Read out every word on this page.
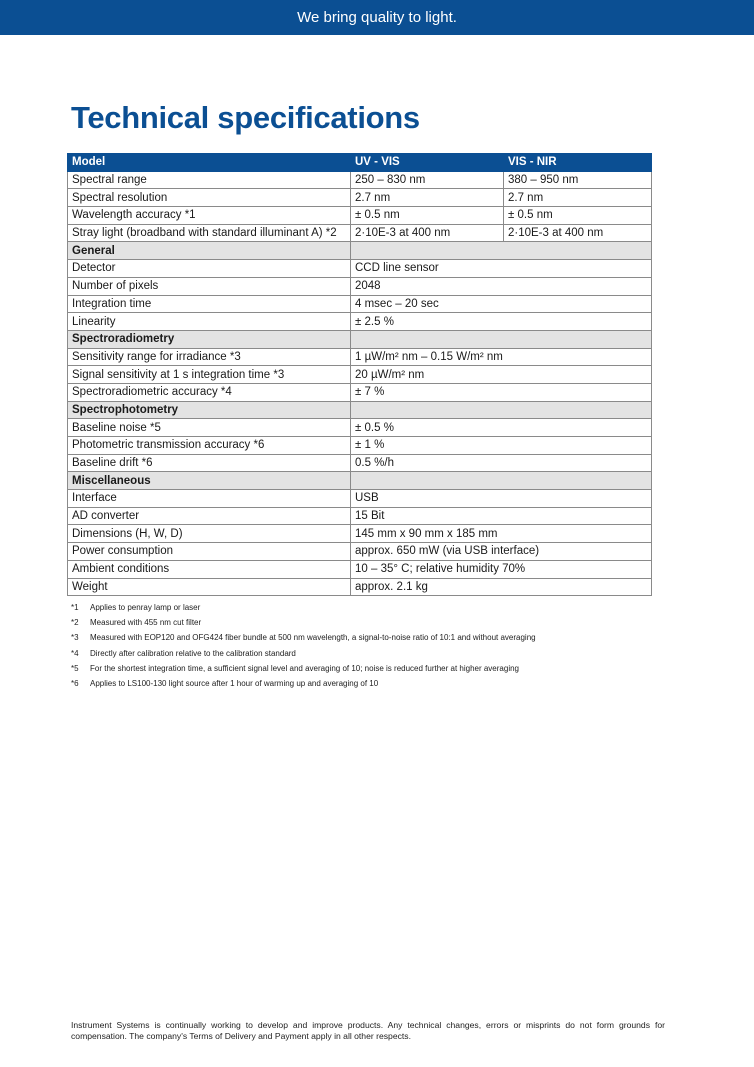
We bring quality to light.
Technical specifications
Model	UV - VIS	VIS - NIR
Spectral range	250 – 830 nm	380 – 950 nm
Spectral resolution	2.7 nm	2.7 nm
Wavelength accuracy *1	± 0.5 nm	± 0.5 nm
Stray light (broadband with standard illuminant A) *2	2·10E-3 at 400 nm	2·10E-3 at 400 nm
General		
Detector	CCD line sensor	
Number of pixels	2048	
Integration time	4 msec – 20 sec	
Linearity	± 2.5 %	
Spectroradiometry		
Sensitivity range for irradiance *3	1 µW/m² nm – 0.15 W/m² nm	
Signal sensitivity at 1 s integration time *3	20 µW/m² nm	
Spectroradiometric accuracy *4	± 7 %	
Spectrophotometry		
Baseline noise *5	± 0.5 %	
Photometric transmission accuracy *6	± 1 %	
Baseline drift *6	0.5 %/h	
Miscellaneous		
Interface	USB	
AD converter	15 Bit	
Dimensions (H, W, D)	145 mm x 90 mm x 185 mm	
Power consumption	approx. 650 mW (via USB interface)	
Ambient conditions	10 – 35° C; relative humidity 70%	
Weight	approx. 2.1 kg	
*1 Applies to penray lamp or laser
*2 Measured with 455 nm cut filter
*3 Measured with EOP120 and OFG424 fiber bundle at 500 nm wavelength, a signal-to-noise ratio of 10:1 and without averaging
*4 Directly after calibration relative to the calibration standard
*5 For the shortest integration time, a sufficient signal level and averaging of 10; noise is reduced further at higher averaging
*6 Applies to LS100-130 light source after 1 hour of warming up and averaging of 10
Instrument Systems is continually working to develop and improve products. Any technical changes, errors or misprints do not form grounds for compensation. The company's Terms of Delivery and Payment apply in all other respects.
